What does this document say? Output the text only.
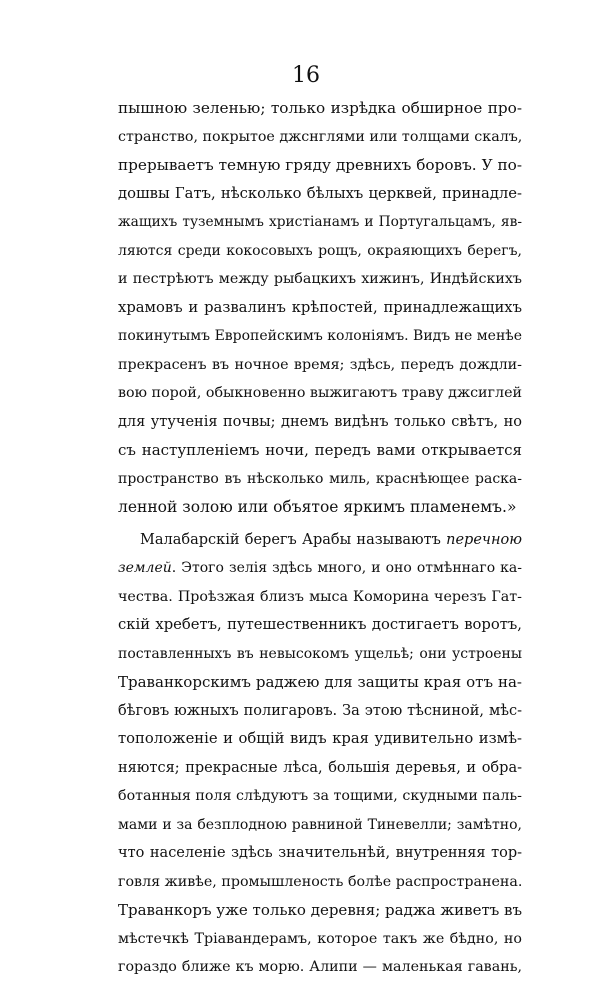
16
пышною зеленью; только изрѣдка обширное про-
странство, покрытое джснглями или толщами скалъ,
прерываетъ темную гряду древнихъ боровъ. У по-
дошвы Гатъ, нѣсколько бѣлыхъ церквей, принадле-
жащихъ туземнымъ христіанамъ и Португальцамъ, яв-
ляются среди кокосовыхъ рощъ, окраяющихъ берегъ,
и пестрѣютъ между рыбацкихъ хижинъ, Индѣйскихъ
храмовъ и развалинъ крѣпостей, принадлежащихъ
покинутымъ Европейскимъ колоніямъ. Видъ не менѣе
прекрасенъ въ ночное время; здѣсь, передъ дождли-
вою порой, обыкновенно выжигаютъ траву джсиглей
для утученія почвы; днемъ видѣнъ только свѣтъ, но
съ наступленіемъ ночи, передъ вами открывается
пространство въ нѣсколько миль, краснѣющее раска-
ленной золою или объятое яркимъ пламенемъ.»
Малабарскій берегъ Арабы называютъ перечною
землей. Этого зелія здѣсь много, и оно отмѣннаго ка-
чества. Проѣзжая близъ мыса Коморина черезъ Гат-
скій хребетъ, путешественникъ достигаетъ воротъ,
поставленныхъ въ невысокомъ ущельѣ; они устроены
Траванкорскимъ раджею для защиты края отъ на-
бѣговъ южныхъ полигаровъ. За этою тѣсниной, мѣс-
тоположеніе и общій видъ края удивительно измѣ-
няются; прекрасные лѣса, большія деревья, и обра-
ботанныя поля слѣдуютъ за тощими, скудными паль-
мами и за безплодною равниной Тиневелли; замѣтно,
что населеніе здѣсь значительнѣй, внутренняя тор-
говля живѣе, промышленость болѣе распространена.
Траванкоръ уже только деревня; раджа живетъ въ
мѣстечкѣ Тріавандерамъ, которое такъ же бѣдно, но
гораздо ближе къ морю. Алипи — маленькая гавань,
